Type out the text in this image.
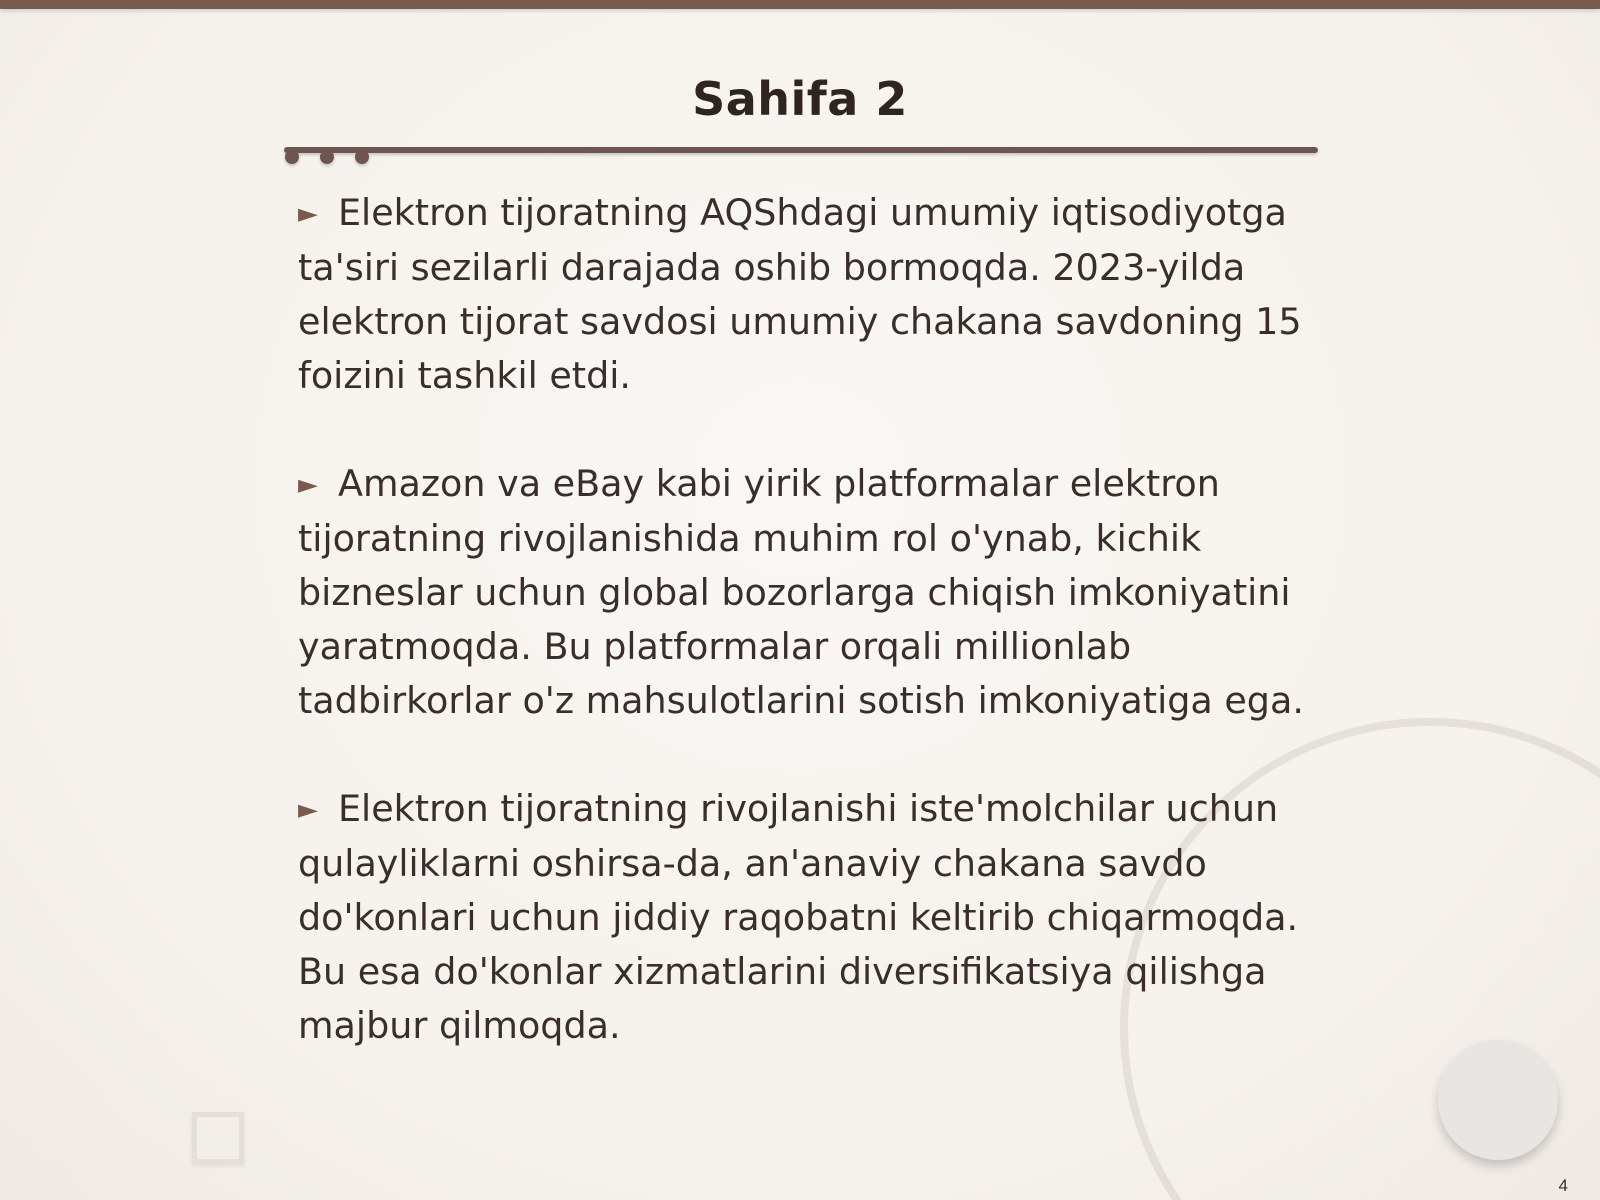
Sahifa 2

► Elektron tijoratning AQShdagi umumiy iqtisodiyotga ta'siri sezilarli darajada oshib bormoqda. 2023-yilda elektron tijorat savdosi umumiy chakana savdoning 15 foizini tashkil etdi.

► Amazon va eBay kabi yirik platformalar elektron tijoratning rivojlanishida muhim rol o'ynab, kichik bizneslar uchun global bozorlarga chiqish imkoniyatini yaratmoqda. Bu platformalar orqali millionlab tadbirkorlar o'z mahsulotlarini sotish imkoniyatiga ega.

► Elektron tijoratning rivojlanishi iste'molchilar uchun qulayliklarni oshirsa-da, an'anaviy chakana savdo do'konlari uchun jiddiy raqobatni keltirib chiqarmoqda. Bu esa do'konlar xizmatlarini diversifikatsiya qilishga majbur qilmoqda.

4
